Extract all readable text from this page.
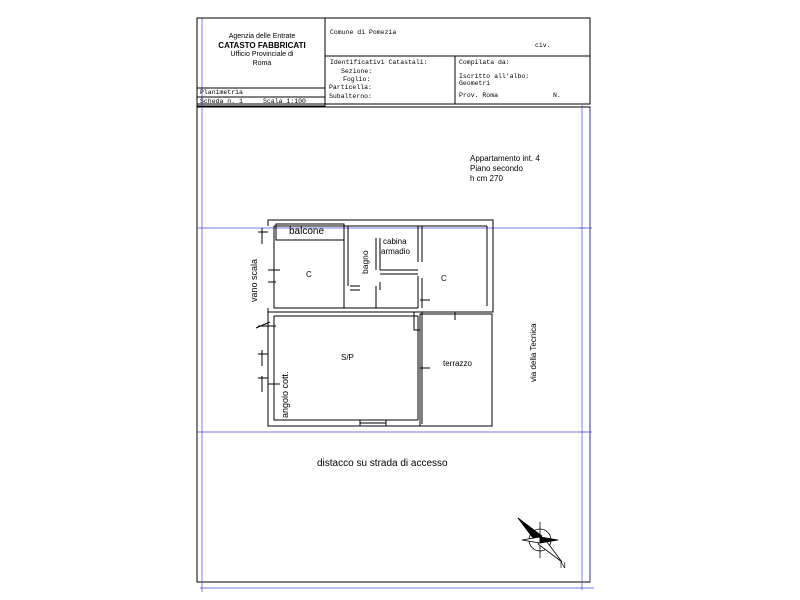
Agenzia delle Entrate
CATASTO FABBRICATI
Ufficio Provinciale di
Roma
Comune di Pomezia
civ.
Identificativi Catastali:
Sezione:
Foglio:
Particella:
Subalterno:
Compilata da:
Iscritto all'albo:
Geometri
Prov. Roma	N.
Planimetria
Scheda n. 1	Scala 1:100
Appartamento int. 4
Piano secondo
h cm 270
balcone
bagno
cabina
armadio
C	C
S/P
terrazzo
vano scala
angolo cott.
via della Tecnica
distacco su strada di accesso
N
